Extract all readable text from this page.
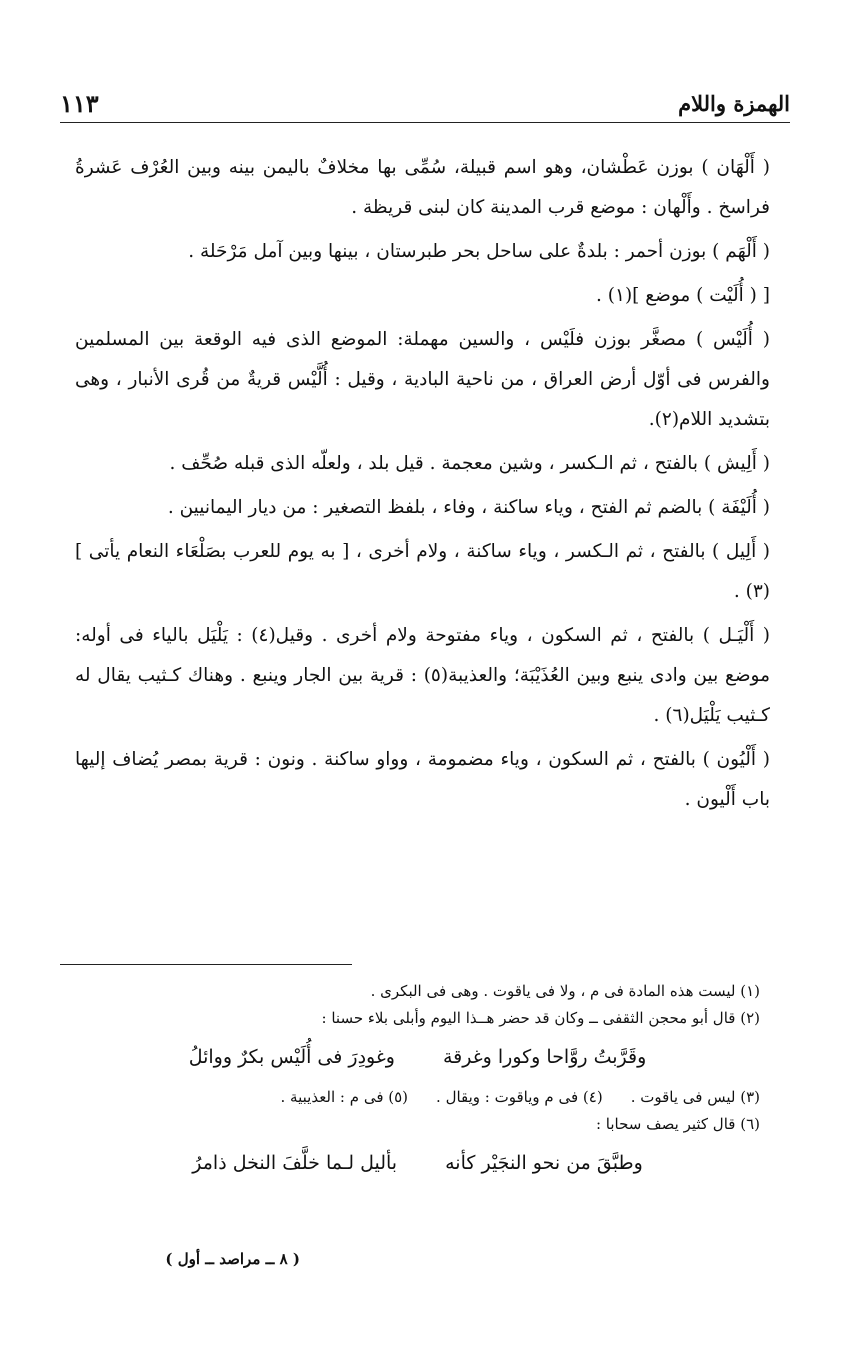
الهمزة واللام
١١٣

( أَلْهَان ) بوزن عَطْشان، وهو اسم قبيلة، سُمِّى بها مخلافٌ باليمن بينه وبين العُرْف عَشرةُ فراسخ . وأَلْهان : موضع قرب المدينة كان لبنى قريظة .

( أَلْهَم ) بوزن أحمر : بلدةٌ على ساحل بحر طبرستان ، بينها وبين آمل مَرْحَلة .

[ ( أُلَيْت ) موضع ](١) .

( أُلَيْس ) مصغَّر بوزن فلَيْس ، والسين مهملة: الموضع الذى فيه الوقعة بين المسلمين والفرس فى أوّل أرض العراق ، من ناحية البادية ، وقيل : أُلَّيْس قريةٌ من قُرى الأنبار ، وهى بتشديد اللام(٢).

( أَلِيش ) بالفتح ، ثم الـكسر ، وشين معجمة . قيل بلد ، ولعلّه الذى قبله صُحِّف .

( أُلَيْفَة ) بالضم ثم الفتح ، وياء ساكنة ، وفاء ، بلفظ التصغير : من ديار اليمانيين .

( أَلِيل ) بالفتح ، ثم الـكسر ، وياء ساكنة ، ولام أخرى ، [ به يوم للعرب بصَلْعَاء النعام يأتى ](٣) .

( أَلْيَـل ) بالفتح ، ثم السكون ، وياء مفتوحة ولام أخرى . وقيل(٤) : يَلْيَل بالياء فى أوله: موضع بين وادى ينبع وبين العُذَيْبَة؛ والعذيبة(٥) : قرية بين الجار وينبع . وهناك كـثيب يقال له كـثيب يَلْيَل(٦) .

( أَلْيُون ) بالفتح ، ثم السكون ، وياء مضمومة ، وواو ساكنة . ونون : قرية بمصر يُضاف إليها باب أَلْيون .

(١) ليست هذه المادة فى م ، ولا فى ياقوت . وهى فى البكرى .

(٢) قال أبو محجن الثقفى ــ وكان قد حضر هــذا اليوم وأبلى بلاء حسنا :

وقَرَّبتُ روَّاحا وكورا وغرقة
وغودِرَ فى أُلَيْس بكرٌ ووائلُ
(٣) ليس فى ياقوت .
(٤) فى م وياقوت : ويقال .
(٥) فى م : العذيبية .

(٦) قال كثير يصف سحابا :

وطبَّقَ من نحو النجَيْر كأنه
بأليل لـما خلَّفَ النخل ذامرُ
( ٨ ــ مراصد ــ أول )
